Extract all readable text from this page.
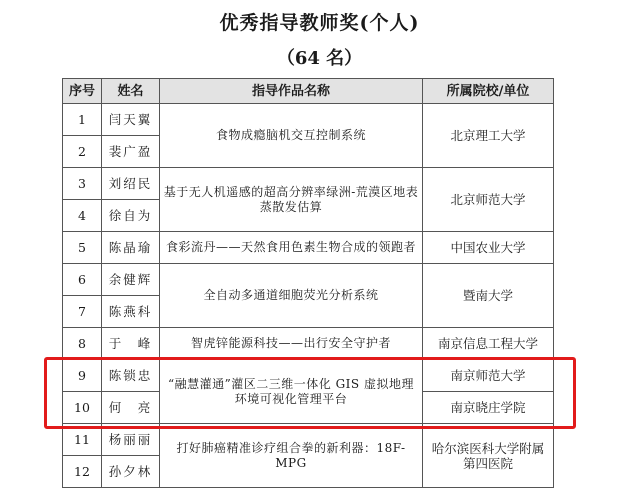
优秀指导教师奖(个人)
（64 名）
序号	姓名	指导作品名称	所属院校/单位
1	闫天翼	食物成瘾脑机交互控制系统	北京理工大学
2	裴广盈		
3	刘绍民	基于无人机遥感的超高分辨率绿洲-荒漠区地表蒸散发估算	北京师范大学
4	徐自为		
5	陈晶瑜	食彩流丹——天然食用色素生物合成的领跑者	中国农业大学
6	余健辉	全自动多通道细胞荧光分析系统	暨南大学
7	陈燕科		
8	于　峰	智虎锌能源科技——出行安全守护者	南京信息工程大学
9	陈锁忠	“融慧灌通”灌区二三维一体化 GIS 虚拟地理环境可视化管理平台	南京师范大学
10	何　亮		南京晓庄学院
11	杨丽丽	打好肺癌精准诊疗组合拳的新利器：18F-MPG	哈尔滨医科大学附属第四医院
12	孙夕林		
